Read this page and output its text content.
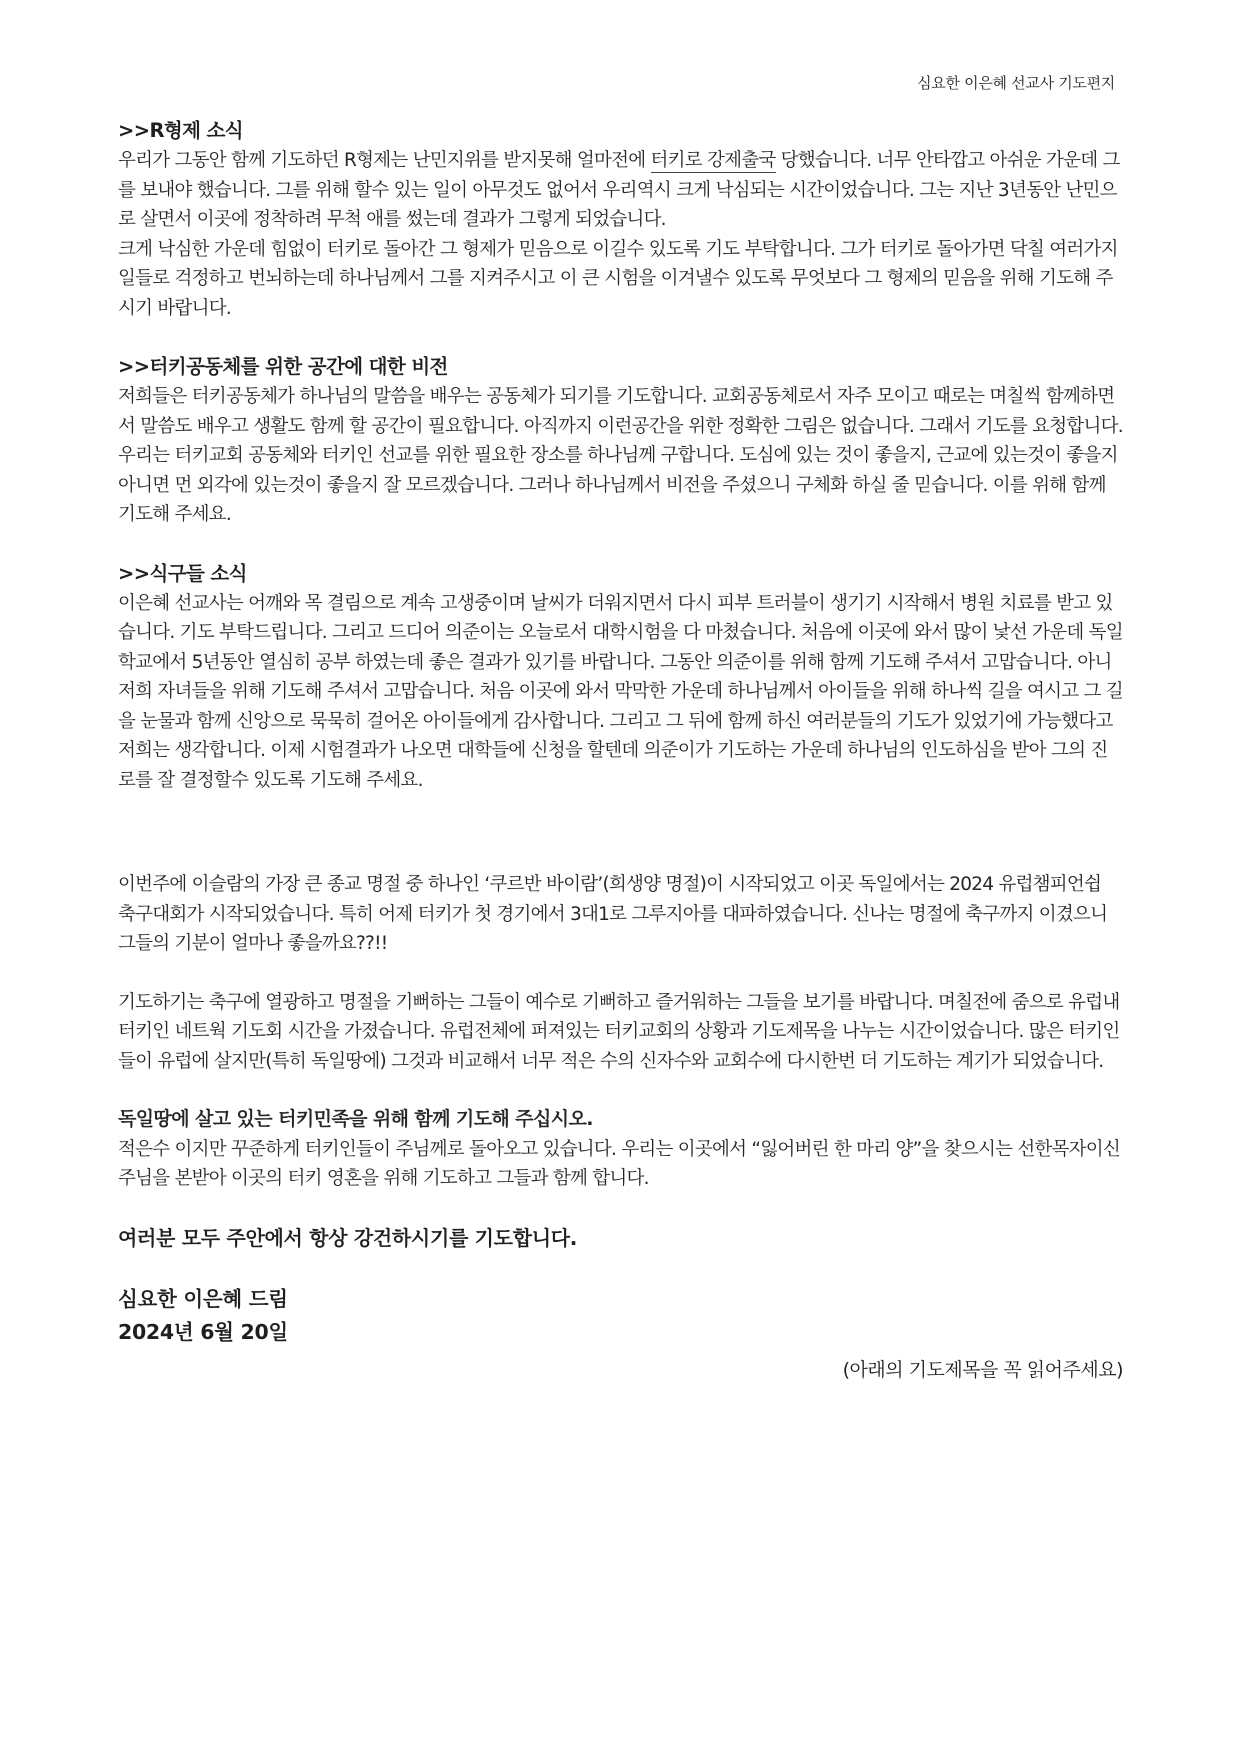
심요한 이은혜 선교사 기도편지
>>R형제 소식

우리가 그동안 함께 기도하던 R형제는 난민지위를 받지못해 얼마전에 터키로 강제출국 당했습니다. 너무 안타깝고 아쉬운 가운데 그를 보내야 했습니다. 그를 위해 할수 있는 일이 아무것도 없어서 우리역시 크게 낙심되는 시간이었습니다. 그는 지난 3년동안 난민으로 살면서 이곳에 정착하려 무척 애를 썼는데 결과가 그렇게 되었습니다.

크게 낙심한 가운데 힘없이 터키로 돌아간 그 형제가 믿음으로 이길수 있도록 기도 부탁합니다. 그가 터키로 돌아가면 닥칠 여러가지 일들로 걱정하고 번뇌하는데 하나님께서 그를 지켜주시고 이 큰 시험을 이겨낼수 있도록 무엇보다 그 형제의 믿음을 위해 기도해 주시기 바랍니다.

>>터키공동체를 위한 공간에 대한 비전

저희들은 터키공동체가 하나님의 말씀을 배우는 공동체가 되기를 기도합니다. 교회공동체로서 자주 모이고 때로는 며칠씩 함께하면서 말씀도 배우고 생활도 함께 할 공간이 필요합니다. 아직까지 이런공간을 위한 정확한 그림은 없습니다. 그래서 기도를 요청합니다.

우리는 터키교회 공동체와 터키인 선교를 위한 필요한 장소를 하나님께 구합니다. 도심에 있는 것이 좋을지, 근교에 있는것이 좋을지 아니면 먼 외각에 있는것이 좋을지 잘 모르겠습니다. 그러나 하나님께서 비전을 주셨으니 구체화 하실 줄 믿습니다. 이를 위해 함께 기도해 주세요.

>>식구들 소식

이은혜 선교사는 어깨와 목 결림으로 계속 고생중이며 날씨가 더워지면서 다시 피부 트러블이 생기기 시작해서 병원 치료를 받고 있습니다. 기도 부탁드립니다. 그리고 드디어 의준이는 오늘로서 대학시험을 다 마쳤습니다. 처음에 이곳에 와서 많이 낯선 가운데 독일 학교에서 5년동안 열심히 공부 하였는데 좋은 결과가 있기를 바랍니다. 그동안 의준이를 위해 함께 기도해 주셔서 고맙습니다. 아니 저희 자녀들을 위해 기도해 주셔서 고맙습니다. 처음 이곳에 와서 막막한 가운데 하나님께서 아이들을 위해 하나씩 길을 여시고 그 길을 눈물과 함께 신앙으로 묵묵히 걸어온 아이들에게 감사합니다. 그리고 그 뒤에 함께 하신 여러분들의 기도가 있었기에 가능했다고 저희는 생각합니다. 이제 시험결과가 나오면 대학들에 신청을 할텐데 의준이가 기도하는 가운데 하나님의 인도하심을 받아 그의 진로를 잘 결정할수 있도록 기도해 주세요.

이번주에 이슬람의 가장 큰 종교 명절 중 하나인 ‘쿠르반 바이람’(희생양 명절)이 시작되었고 이곳 독일에서는 2024 유럽챔피언쉽 축구대회가 시작되었습니다. 특히 어제 터키가 첫 경기에서 3대1로 그루지아를 대파하였습니다. 신나는 명절에 축구까지 이겼으니 그들의 기분이 얼마나 좋을까요??!!

기도하기는 축구에 열광하고 명절을 기뻐하는 그들이 예수로 기뻐하고 즐거워하는 그들을 보기를 바랍니다. 며칠전에 줌으로 유럽내 터키인 네트웍 기도회 시간을 가졌습니다. 유럽전체에 퍼져있는 터키교회의 상황과 기도제목을 나누는 시간이었습니다. 많은 터키인들이 유럽에 살지만(특히 독일땅에) 그것과 비교해서 너무 적은 수의 신자수와 교회수에 다시한번 더 기도하는 계기가 되었습니다.

독일땅에 살고 있는 터키민족을 위해 함께 기도해 주십시오.

적은수 이지만 꾸준하게 터키인들이 주님께로 돌아오고 있습니다. 우리는 이곳에서 “잃어버린 한 마리 양”을 찾으시는 선한목자이신 주님을 본받아 이곳의 터키 영혼을 위해 기도하고 그들과 함께 합니다.

여러분 모두 주안에서 항상 강건하시기를 기도합니다.
심요한 이은혜 드림
2024년 6월 20일
(아래의 기도제목을 꼭 읽어주세요)
